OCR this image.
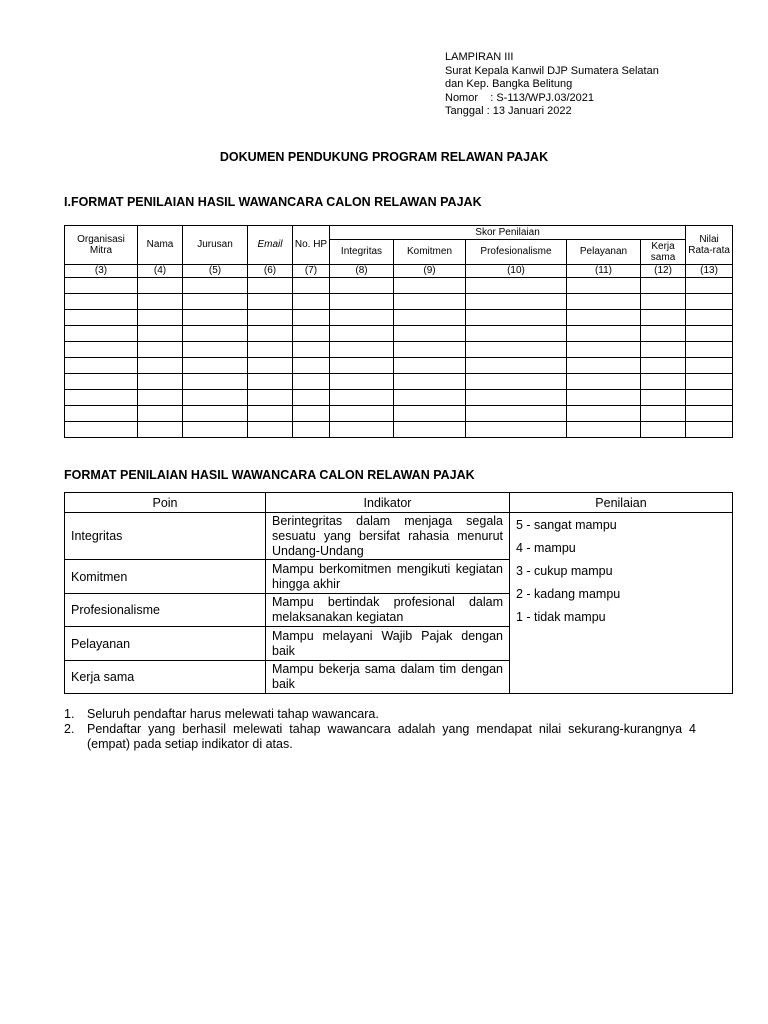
LAMPIRAN III
Surat Kepala Kanwil DJP Sumatera Selatan
dan Kep. Bangka Belitung
Nomor    : S-113/WPJ.03/2021
Tanggal : 13 Januari 2022
DOKUMEN PENDUKUNG PROGRAM RELAWAN PAJAK
I.FORMAT PENILAIAN HASIL WAWANCARA CALON RELAWAN PAJAK
Organisasi Mitra	Nama	Jurusan	Email	No. HP	Skor Penilaian					Nilai Rata-rata
					Integritas	Komitmen	Profesionalisme	Pelayanan	Kerja sama	
(3)	(4)	(5)	(6)	(7)	(8)	(9)	(10)	(11)	(12)	(13)

FORMAT PENILAIAN HASIL WAWANCARA CALON RELAWAN PAJAK
Poin	Indikator	Penilaian
Integritas	Berintegritas dalam menjaga segala sesuatu yang bersifat rahasia menurut Undang-Undang	5 - sangat mampu
4 - mampu
3 - cukup mampu
2 - kadang mampu
1 - tidak mampu

Komitmen	Mampu berkomitmen mengikuti kegiatan hingga akhir	
Profesionalisme	Mampu bertindak profesional dalam melaksanakan kegiatan	
Pelayanan	Mampu melayani Wajib Pajak dengan baik	
Kerja sama	Mampu bekerja sama dalam tim dengan baik	
1. Seluruh pendaftar harus melewati tahap wawancara.
2. Pendaftar yang berhasil melewati tahap wawancara adalah yang mendapat nilai sekurang-kurangnya 4 (empat) pada setiap indikator di atas.
